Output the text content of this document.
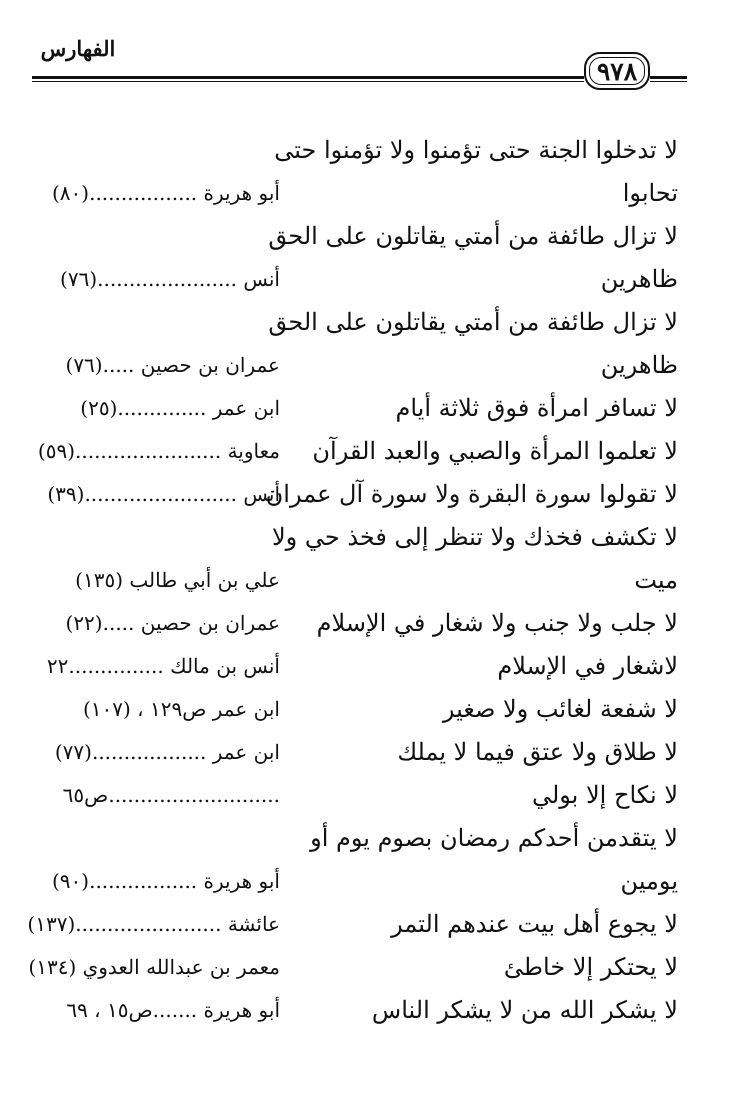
الفهارس
٩٧٨
لا تدخلوا الجنة حتى تؤمنوا ولا تؤمنوا حتى
تحابوا
أبو هريرة .................(٨٠)
لا تزال طائفة من أمتي يقاتلون على الحق
ظاهرين
أنس ......................(٧٦)
لا تزال طائفة من أمتي يقاتلون على الحق
ظاهرين
عمران بن حصين .....(٧٦)
لا تسافر امرأة فوق ثلاثة أيام
ابن عمر ..............(٢٥)
لا تعلموا المرأة والصبي والعبد القرآن
معاوية .......................(٥٩)
لا تقولوا سورة البقرة ولا سورة آل عمران
أنس ........................(٣٩)
لا تكشف فخذك ولا تنظر إلى فخذ حي ولا
ميت
علي بن أبي طالب (١٣٥)
لا جلب ولا جنب ولا شغار في الإسلام
عمران بن حصين .....(٢٢)
لاشغار في الإسلام
أنس بن مالك ...............٢٢
لا شفعة لغائب ولا صغير
ابن عمر ص١٢٩ ، (١٠٧)
لا طلاق ولا عتق فيما لا يملك
ابن عمر ..................(٧٧)
لا نكاح إلا بولي
...........................ص٦٥
لا يتقدمن أحدكم رمضان بصوم يوم أو
يومين
أبو هريرة .................(٩٠)
لا يجوع أهل بيت عندهم التمر
عائشة .......................(١٣٧)
لا يحتكر إلا خاطئ
معمر بن عبدالله العدوي (١٣٤)
لا يشكر الله من لا يشكر الناس
أبو هريرة .......ص١٥ ، ٦٩
